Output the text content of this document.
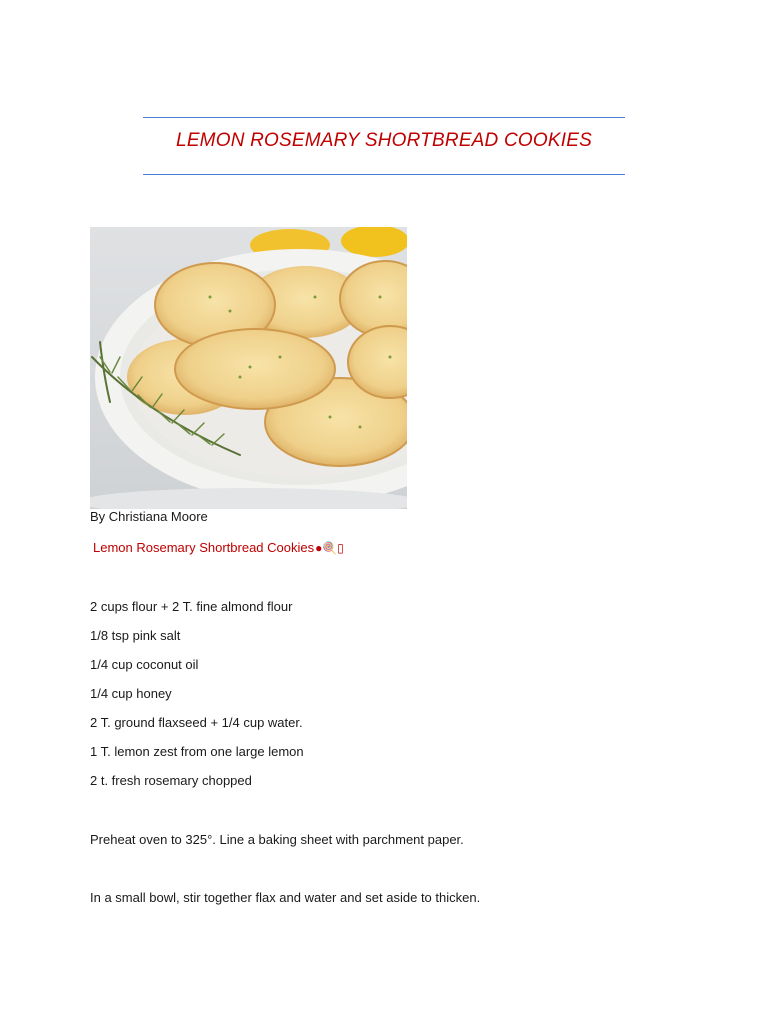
LEMON ROSEMARY SHORTBREAD COOKIES
By Christiana Moore
Lemon Rosemary Shortbread Cookies●🍭▯
2 cups flour + 2 T. fine almond flour
1/8 tsp pink salt
1/4 cup coconut oil
1/4 cup honey
2 T. ground flaxseed + 1/4 cup water.
1 T. lemon zest from one large lemon
2 t. fresh rosemary chopped
Preheat oven to 325°. Line a baking sheet with parchment paper.
In a small bowl, stir together flax and water and set aside to thicken.
